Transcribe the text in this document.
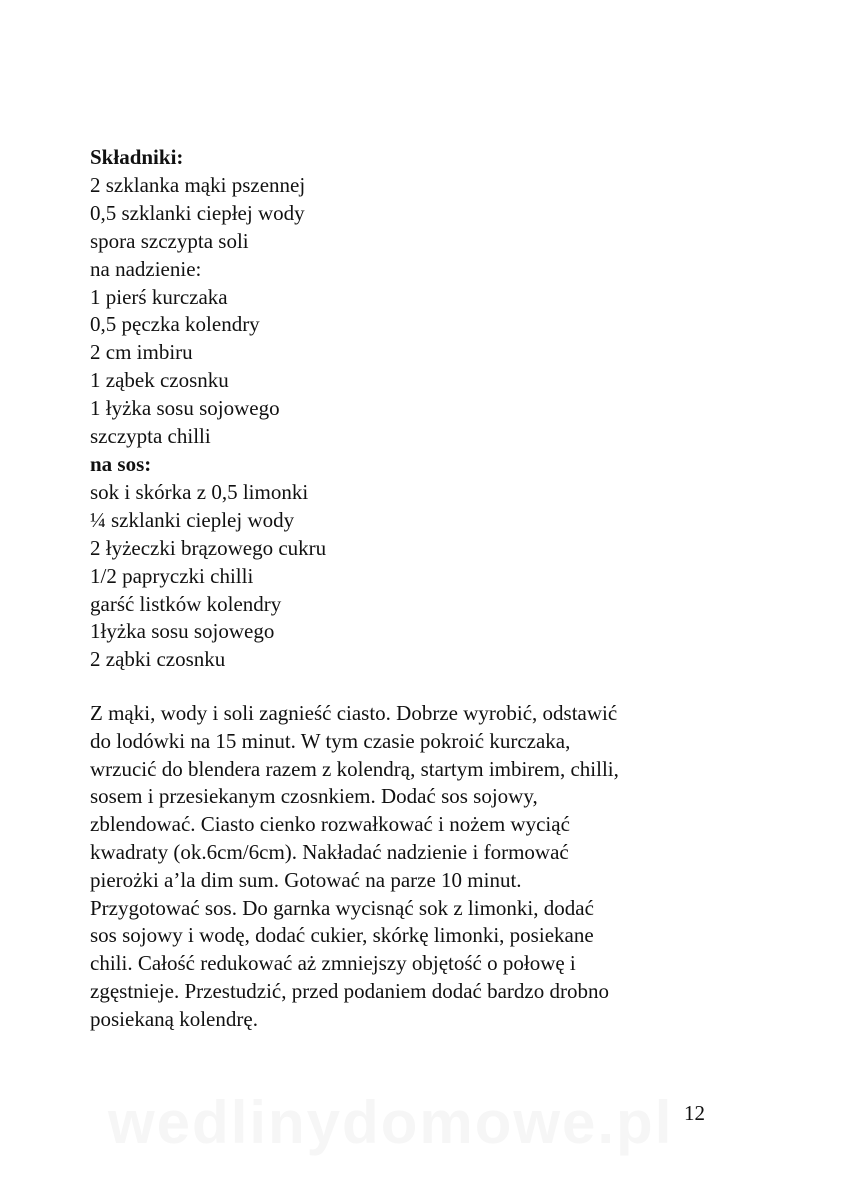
Składniki:
2 szklanka mąki pszennej
0,5 szklanki ciepłej wody
spora szczypta soli
na nadzienie:
1 pierś kurczaka
0,5 pęczka kolendry
2 cm imbiru
1 ząbek czosnku
1 łyżka sosu sojowego
szczypta chilli
na sos:
sok i skórka z 0,5 limonki
¼ szklanki cieplej wody
2 łyżeczki brązowego cukru
1/2 papryczki chilli
garść listków kolendry
1łyżka sosu sojowego
2 ząbki czosnku
Z mąki, wody i soli zagnieść ciasto. Dobrze wyrobić, odstawić
do lodówki na 15 minut. W tym czasie pokroić kurczaka,
wrzucić do blendera razem z kolendrą, startym imbirem, chilli,
sosem i przesiekanym czosnkiem. Dodać sos sojowy,
zblendować. Ciasto cienko rozwałkować i nożem wyciąć
kwadraty (ok.6cm/6cm). Nakładać nadzienie i formować
pierożki a’la dim sum. Gotować na parze 10 minut.
Przygotować sos. Do garnka wycisnąć sok z limonki, dodać
sos sojowy i wodę, dodać cukier, skórkę limonki, posiekane
chili. Całość redukować aż zmniejszy objętość o połowę i
zgęstnieje. Przestudzić, przed podaniem dodać bardzo drobno
posiekaną kolendrę.
wedlinydomowe.pl 12
